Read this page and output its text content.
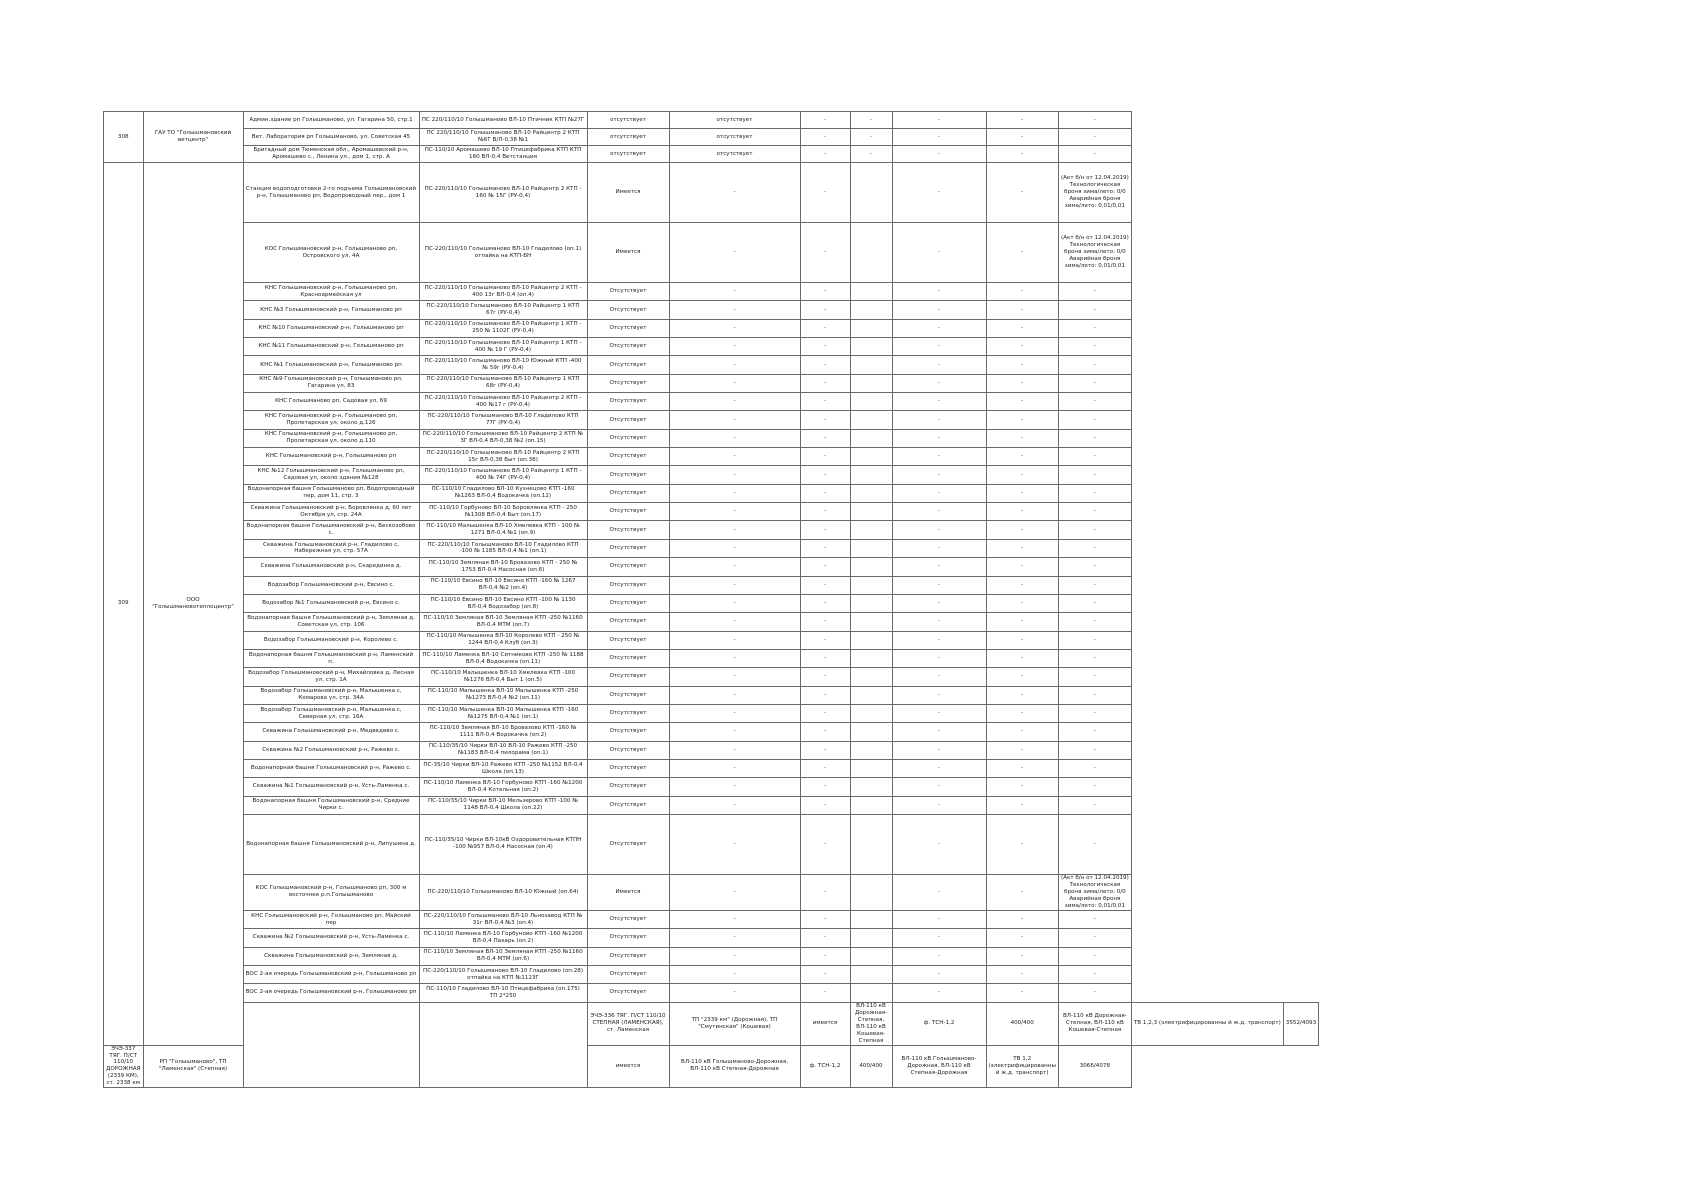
308	ГАУ ТО "Голышмановский ветцентр"	Админ.здание рп Голышманово, ул. Гагарина 50, стр.1	ПС 220/110/10 Голышманово ВЛ-10 Птичник КТП №27Г	отсутствует	отсутствует	-	-	-	-	-		
		Вет. Лаборатория рп Голышманово, ул. Советская 45	ПС 220/110/10 Голышманово ВЛ-10 Райцентр 2 КТП №6Г В/Л-0,38 №1	отсутствует	отсутствует	-	-	-	-	-		
		Бригадный дом Тюменская обл., Аромашевский р-н, Аромашево с., Ленина ул., дом 1, стр. А	ПС-110/10 Аромашево ВЛ-10 Птицефабрика КТП КТП 160 ВЛ-0,4 Ветстанция	отсутствует	отсутствует	-	-	-	-	-		
309	ООО "Голышмановотеплоцентр"	Станция водоподготовки 2-го подъема Голышмановский р-н, Голышманово рп, Водопроводный пер., дом 1	ПС-220/110/10 Голышманово ВЛ-10 Райцентр 2 КТП - 160 № 15Г (РУ-0,4)	Имеется	-	-		-	-	(Акт б/н от 12.04.2019) Технологическая броня зима/лето: 0/0 Аварийная броня зима/лето: 0,01/0,01		
		КОС Голышмановский р-н, Голышманово рп, Островского ул, 4А	ПС-220/110/10 Голышманово ВЛ-10 Гладилово (оп.1) отпайка на КТП-БН	Имеется	-	-		-	-	(Акт б/н от 12.04.2019) Технологическая броня зима/лето: 0/0 Аварийная броня зима/лето: 0,01/0,01		
		КНС Голышмановский р-н, Голышманово рп, Красноармейская ул	ПС-220/110/10 Голышманово ВЛ-10 Райцентр 2 КТП - 400 13г ВЛ-0,4 (оп.4)	Отсутствует	-	-		-	-	-		
		КНС №3 Голышмановский р-н, Голышманово рп	ПС-220/110/10 Голышманово ВЛ-10 Райцентр 1 КТП 67г (РУ-0,4)	Отсутствует	-	-		-	-	-		
		КНС №10 Голышмановский р-н, Голышманово рп	ПС-220/110/10 Голышманово ВЛ-10 Райцентр 1 КТП - 250 № 1102Г (РУ-0,4)	Отсутствует	-	-		-	-	-		
		КНС №11 Голышмановский р-н, Голышманово рп	ПС-220/110/10 Голышманово ВЛ-10 Райцентр 1 КТП - 400 № 19 Г (РУ-0,4)	Отсутствует	-	-		-	-	-		
		КНС №1 Голышмановский р-н, Голышманово рп	ПС-220/110/10 Голышманово ВЛ-10 Южный КТП -400 № 59г (РУ-0,4)	Отсутствует	-	-		-	-	-		
		КНС №9 Голышмановский р-н, Голышманово рп, Гагарина ул, 83	ПС-220/110/10 Голышманово ВЛ-10 Райцентр 1 КТП 68г (РУ-0,4)	Отсутствует	-	-		-	-	-		
		КНС Голышманово рп, Садовая ул, 69	ПС-220/110/10 Голышманово ВЛ-10 Райцентр 2 КТП - 400 №17 г (РУ-0,4)	Отсутствует	-	-		-	-	-		
		КНС Голышмановский р-н, Голышманово рп, Пролетарская ул, около д.126	ПС-220/110/10 Голышманово ВЛ-10 Гладилово КТП 77Г (РУ-0,4)	Отсутствует	-	-		-	-	-		
		КНС Голышмановский р-н, Голышманово рп, Пролетарская ул, около д.110	ПС-220/110/10 Голышманово ВЛ-10 Райцентр 2 КТП № 3Г ВЛ-0,4 ВЛ-0,38 №2 (оп.15)	Отсутствует	-	-		-	-	-		
		КНС Голышмановский р-н, Голышманово рп	ПС-220/110/10 Голышманово ВЛ-10 Райцентр 2 КТП 15г ВЛ-0,38 Быт (оп.38)	Отсутствует	-	-		-	-	-		
		КНС №12 Голышмановский р-н, Голышманово рп, Садовая ул, около здания №128	ПС-220/110/10 Голышманово ВЛ-10 Райцентр 1 КТП - 400 № 74Г (РУ-0,4)	Отсутствует	-	-		-	-	-		
		Водонапорная башня Голышманово рп, Водопроводный пер, дом 11, стр. 3	ПС-110/10 Гладилово ВЛ-10 Кузнецово КТП -160 №1263 ВЛ-0,4 Водокачка (оп.12)	Отсутствует	-	-		-	-	-		
		Скважина Голышмановский р-н, Боровлянка д, 60 лет Октября ул, стр. 24А	ПС-110/10 Горбуново ВЛ-10 Боровлянка КТП - 250 №1308 ВЛ-0,4 Быт (оп.17)	Отсутствует	-	-		-	-	-		
		Водонапорная башня Голышмановский р-н, Бескозобово с.	ПС-110/10 Малышенка ВЛ-10 Хмелевка КТП - 100 № 1271 ВЛ-0,4 №1 (оп.9)	Отсутствует	-	-		-	-	-		
		Скважина Голышмановский р-н, Гладилово с, Набережная ул, стр. 57А	ПС-220/110/10 Голышманово ВЛ-10 Гладилово КТП -100 № 1185 ВЛ-0,4 №1 (оп.1)	Отсутствует	-	-		-	-	-		
		Скважина Голышмановский р-н, Скарединка д.	ПС-110/10 Земляная ВЛ-10 Бровазово КТП - 250 № 1753 ВЛ-0,4 Насосная (оп.6)	Отсутствует	-	-		-	-	-		
		Водозабор Голышмановский р-н, Евсино с.	ПС-110/10 Евсино ВЛ-10 Евсино КТП -160 № 1267 ВЛ-0,4 №2 (оп.4)	Отсутствует	-	-		-	-	-		
		Водозабор №1 Голышмановский р-н, Евсино с.	ПС-110/10 Евсино ВЛ-10 Евсино КТП -100 № 1130 ВЛ-0,4 Водозабор (оп.8)	Отсутствует	-	-		-	-	-		
		Водонапорная башня Голышмановский р-н, Земляная д, Советская ул, стр. 106	ПС-110/10 Земляная ВЛ-10 Земляная КТП -250 №1160 ВЛ-0,4 МТМ (оп.7)	Отсутствует	-	-		-	-	-		
		Водозабор Голышмановский р-н, Королево с.	ПС-110/10 Малышенка ВЛ-10 Королево КТП - 250 № 1244 ВЛ-0,4 Клуб (оп.3)	Отсутствует	-	-		-	-	-		
		Водонапорная башня Голышмановский р-н, Ламенский п.	ПС-110/10 Ламенка ВЛ-10 Ситниково КТП -250 № 1188 ВЛ-0,4 Водокачка (оп.11)	Отсутствует	-	-		-	-	-		
		Водозабор Голышмановский р-н, Михайловка д, Лесная ул, стр. 1А	ПС-110/10 Малышенка ВЛ-10 Хмелевка КТП -100 №1276 ВЛ-0,4 Быт 1 (оп.5)	Отсутствует	-	-		-	-	-		
		Водозабор Голышмановский р-н, Малышенка с, Комарова ул, стр. 34А	ПС-110/10 Малышенка ВЛ-10 Малышенка КТП -250 №1273 ВЛ-0,4 №2 (оп.11)	Отсутствует	-	-		-	-	-		
		Водозабор Голышмановский р-н, Малышенка с, Северная ул, стр. 16А	ПС-110/10 Малышенка ВЛ-10 Малышенка КТП -160 №1275 ВЛ-0,4 №1 (оп.1)	Отсутствует	-	-		-	-	-		
		Скважина Голышмановский р-н, Медведево с.	ПС-110/10 Земляная ВЛ-10 Бровазово КТП -160 № 1111 ВЛ-0,4 Водокачка (оп.2)	Отсутствует	-	-		-	-	-		
		Скважина №2 Голышмановский р-н, Ражево с.	ПС-110/35/10 Чирки ВЛ-10 ВЛ-10 Ражево КТП -250 №1183 ВЛ-0,4 пилорама (оп.1)	Отсутствует	-	-		-	-	-		
		Водонапорная башня Голышмановский р-н, Ражево с.	ПС-35/10 Чирки ВЛ-10 Ражево КТП -250 №1152 ВЛ-0,4 Школа (оп.13)	Отсутствует	-	-		-	-	-		
		Скважина №1 Голышмановский р-н, Усть-Ламенка с.	ПС-110/10 Ламенка ВЛ-10 Горбуново КТП -160 №1200 ВЛ-0,4 Котельная (оп.2)	Отсутствует	-	-		-	-	-		
		Водонапорная башня Голышмановский р-н, Средние Чирки с.	ПС-110/35/10 Чирки ВЛ-10 Мельзерово КТП -100 № 1148 ВЛ-0,4 Школа (оп.22)	Отсутствует	-	-		-	-	-		
		Водонапорная башня Голышмановский р-н, Липушина д.	ПС-110/35/10 Чирки ВЛ-10кВ Оздоровительная КТПН -100 №957 ВЛ-0,4 Насосная (оп.4)	Отсутствует	-	-		-	-	-		
		КОС Голышмановский р-н, Голышманово рп, 300 м восточнее р.п.Голышманово	ПС-220/110/10 Голышманово ВЛ-10 Южный (оп.64)	Имеется	-	-		-	-	(Акт б/н от 12.04.2019) Технологическая броня зима/лето: 0/0 Аварийная броня зима/лето: 0,01/0,01		
		КНС Голышмановский р-н, Голышманово рп, Майский пер	ПС-220/110/10 Голышманово ВЛ-10 Льнозавод КТП № 31г ВЛ-0,4 №3 (оп.4)	Отсутствует	-	-		-	-	-		
		Скважина №2 Голышмановский р-н, Усть-Ламенка с.	ПС-110/10 Ламенка ВЛ-10 Горбуново КТП -160 №1200 ВЛ-0,4 Пахарь (оп.2)	Отсутствует	-	-		-	-	-		
		Скважина Голышмановский р-н, Земляная д.	ПС-110/10 Земляная ВЛ-10 Земляная КТП -250 №1160 ВЛ-0,4 МТМ (оп.6)	Отсутствует	-	-		-	-	-		
		ВОС 2-ая очередь Голышмановский р-н, Голышманово рп	ПС-220/110/10 Голышманово ВЛ-10 Гладилово (оп.28) отпайка на КТП №1123Г	Отсутствует	-	-		-	-	-		
		ВОС 2-ая очередь Голышмановский р-н, Голышманово рп	ПС-110/10 Гладилово ВЛ-10 Птицефабрика (оп.175) ТП 2*250	Отсутствует	-	-		-	-	-		
				ЭЧЭ-336 ТЯГ. П/СТ 110/10 СТЕПНАЯ (ЛАМЕНСКАЯ), ст. Ламенская	ТП "2339 км" (Дорожная), ТП "Смутинская" (Кошевая)	имеется	ВЛ-110 кВ Дорожная-Степная, ВЛ-110 кВ Кошевая-Степная	ф. ТСН-1,2	400/400	ВЛ-110 кВ Дорожная-Степная, ВЛ-110 кВ Кошевая-Степная	ТВ 1,2,3 (электрифицированны й ж.д. транспорт)	3552/4093
ЭЧЭ-337 ТЯГ. П/СТ 110/10 ДОРОЖНАЯ (2339 КМ), ст. 2338 км	РП "Голышманово", ТП "Ламенская" (Степная)			имеется	ВЛ-110 кВ Голышманово-Дорожная, ВЛ-110 кВ Степная-Дорожная	ф. ТСН-1,2	400/400	ВЛ-110 кВ Голышманово-Дорожная, ВЛ-110 кВ Степная-Дорожная	ТВ 1,2 (электрифицированны й ж.д. транспорт)	3066/4078		
